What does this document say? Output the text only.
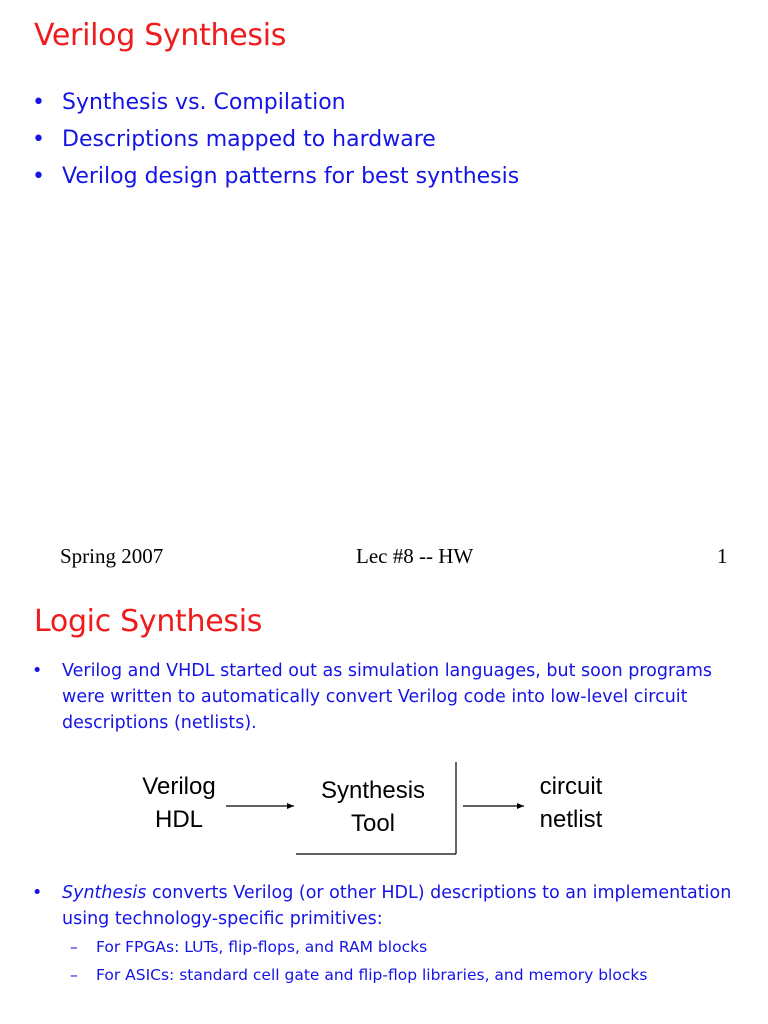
Verilog Synthesis
• Synthesis vs. Compilation
• Descriptions mapped to hardware
• Verilog design patterns for best synthesis
Spring 2007	Lec #8 -- HW	1
Logic Synthesis
• Verilog and VHDL started out as simulation languages, but soon programs were written to automatically convert Verilog code into low-level circuit descriptions (netlists).
Verilog
HDL
Synthesis
Tool
circuit
netlist
• Synthesis converts Verilog (or other HDL) descriptions to an implementation using technology-specific primitives:
– For FPGAs: LUTs, flip-flops, and RAM blocks
– For ASICs: standard cell gate and flip-flop libraries, and memory blocks
